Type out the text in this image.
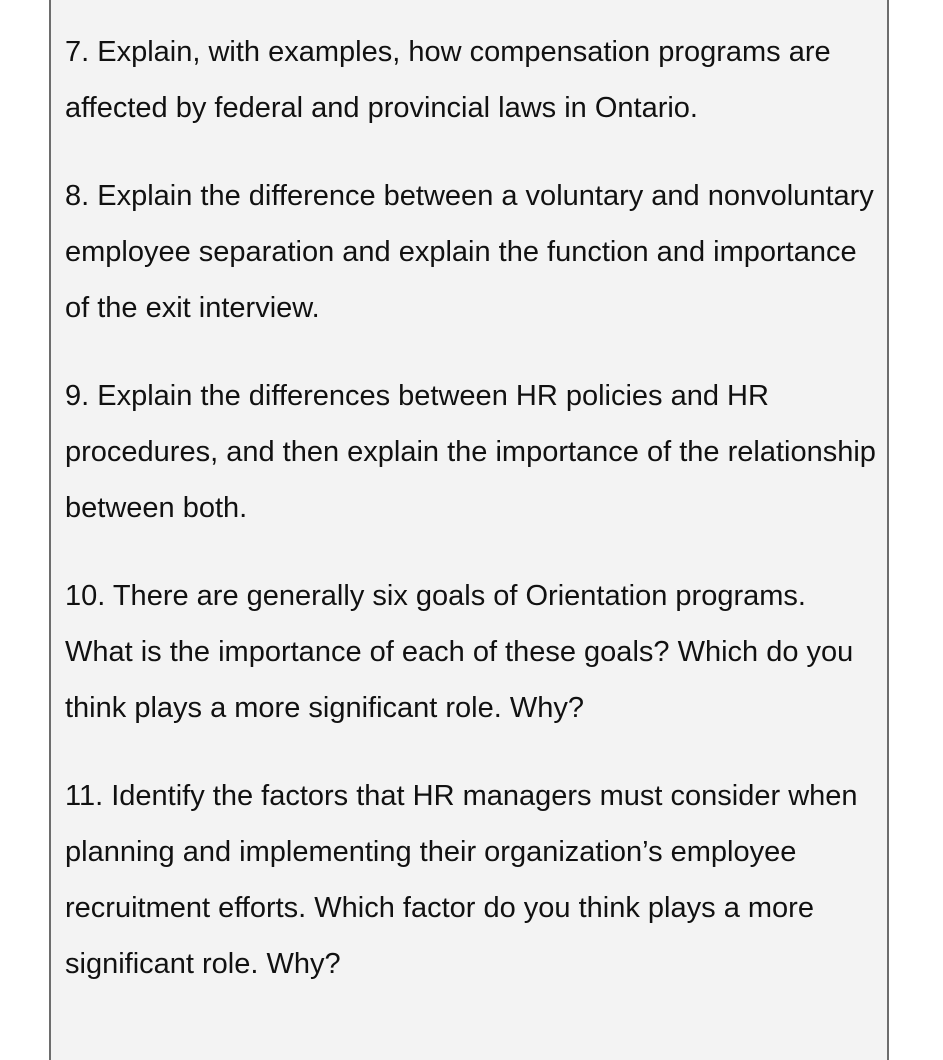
7. Explain, with examples, how compensation programs are affected by federal and provincial laws in Ontario.
8. Explain the difference between a voluntary and nonvoluntary employee separation and explain the function and importance of the exit interview.
9. Explain the differences between HR policies and HR procedures, and then explain the importance of the relationship between both.
10. There are generally six goals of Orientation programs. What is the importance of each of these goals? Which do you think plays a more significant role. Why?
11. Identify the factors that HR managers must consider when planning and implementing their organization’s employee recruitment efforts. Which factor do you think plays a more significant role. Why?
